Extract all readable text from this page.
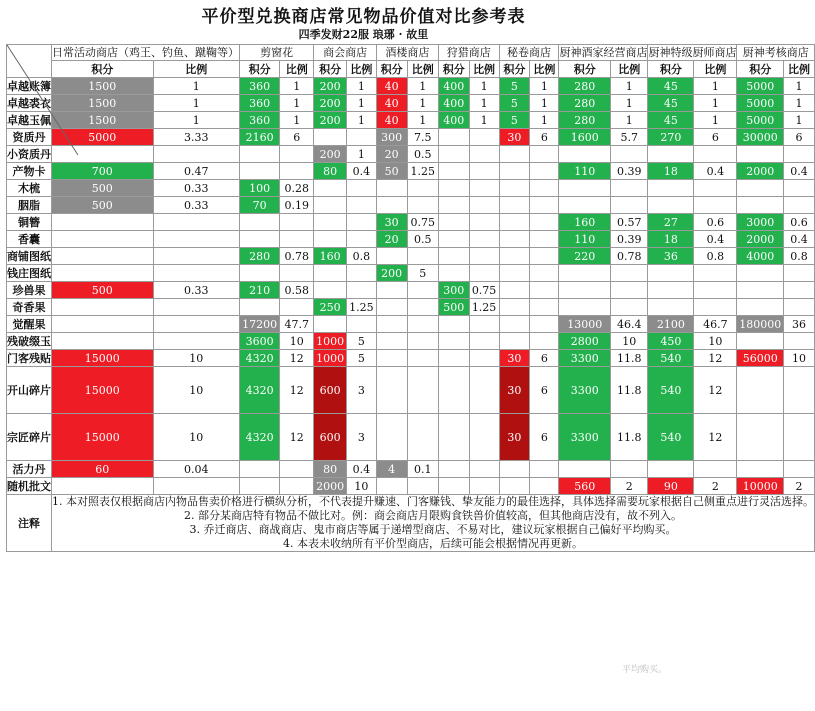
平价型兑换商店常见物品价值对比参考表
四季发财22服 琅琊 · 故里
	日常活动商店（鸡王、钓鱼、蹴鞠等）		剪窗花		商会商店		酒楼商店		狩猎商店		秘卷商店		厨神酒家经营商店		厨神特级厨师商店		厨神考核商店	
	积分	比例	积分	比例	积分	比例	积分	比例	积分	比例	积分	比例	积分	比例	积分	比例	积分	比例
卓越账簿	1500	1	360	1	200	1	40	1	400	1	5	1	280	1	45	1	5000	1
卓越裘衣	1500	1	360	1	200	1	40	1	400	1	5	1	280	1	45	1	5000	1
卓越玉佩	1500	1	360	1	200	1	40	1	400	1	5	1	280	1	45	1	5000	1
资质丹	5000	3.33	2160	6			300	7.5			30	6	1600	5.7	270	6	30000	6
小资质丹					200	1	20	0.5										
产物卡	700	0.47			80	0.4	50	1.25					110	0.39	18	0.4	2000	0.4
木梳	500	0.33	100	0.28														
胭脂	500	0.33	70	0.19														
铜簪							30	0.75					160	0.57	27	0.6	3000	0.6
香囊							20	0.5					110	0.39	18	0.4	2000	0.4
商铺图纸			280	0.78	160	0.8							220	0.78	36	0.8	4000	0.8
钱庄图纸							200	5										
珍兽果	500	0.33	210	0.58					300	0.75								
奇香果					250	1.25			500	1.25								
觉醒果			17200	47.7									13000	46.4	2100	46.7	180000	36
残破缀玉			3600	10	1000	5							2800	10	450	10		
门客残贴	15000	10	4320	12	1000	5					30	6	3300	11.8	540	12	56000	10
开山碎片	15000	10	4320	12	600	3					30	6	3300	11.8	540	12		
宗匠碎片	15000	10	4320	12	600	3					30	6	3300	11.8	540	12		
活力丹	60	0.04			80	0.4	4	0.1										
随机批文					2000	10							560	2	90	2	10000	2
注释	1. 本对照表仅根据商店内物品售卖价格进行横纵分析，不代表提升赚速、门客赚钱、挚友能力的最佳选择，具体选择需要玩家根据自己侧重点进行灵活选择。
2. 部分某商店特有物品不做比对。例：商会商店月限购食铁兽价值较高，但其他商店没有，故不列入。
3. 乔迁商店、商战商店、鬼市商店等属于递增型商店、不易对比，建议玩家根据自己偏好平均购买。
4. 本表未收纳所有平价型商店，后续可能会根据情况再更新。																	
平均购买。
